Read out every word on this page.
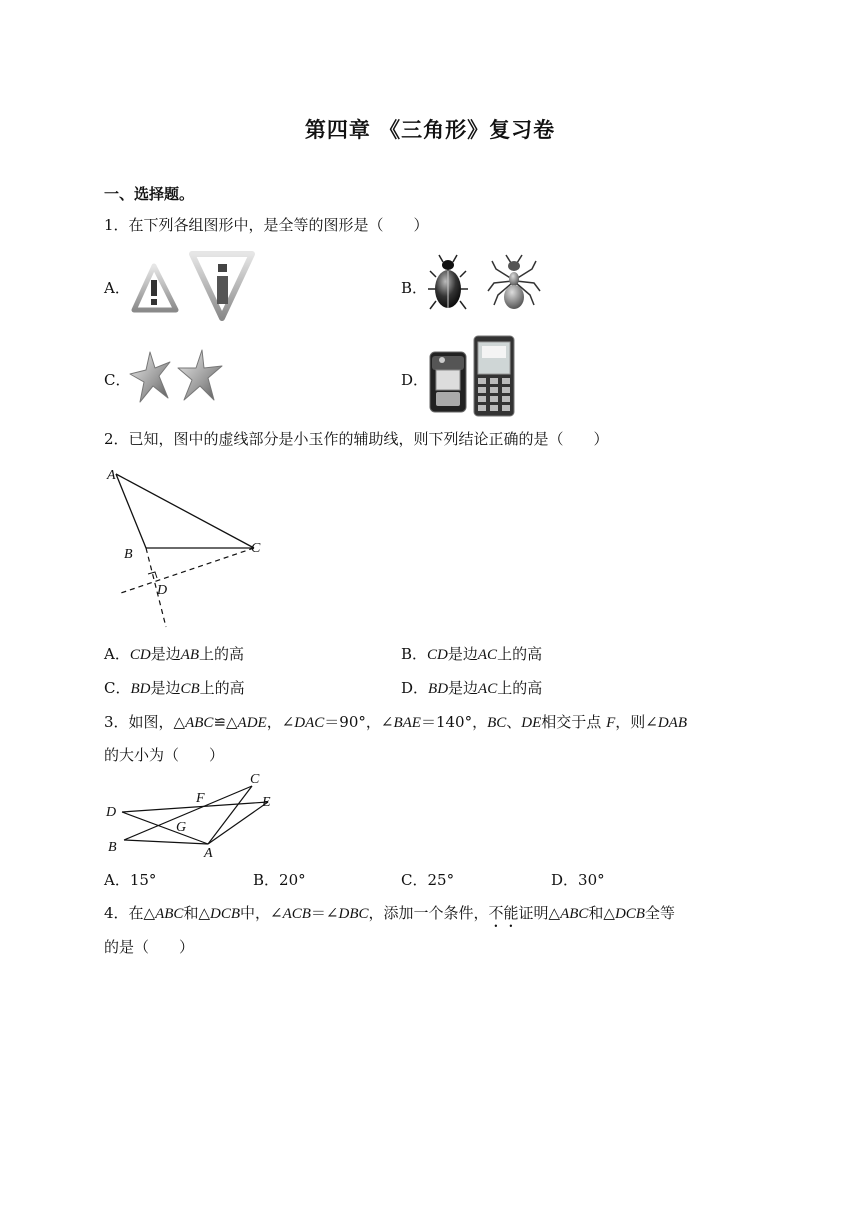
第四章 《三角形》复习卷
一、选择题。
1．在下列各组图形中，是全等的图形是（　　）
A．	B．
C．	D．
2．已知，图中的虚线部分是小玉作的辅助线，则下列结论正确的是（　　）
A
B	C
D
A．CD是边AB上的高	B．CD是边AC上的高
C．BD是边CB上的高	D．BD是边AC上的高
3．如图，△ABC≌△ADE，∠DAC＝90°，∠BAE＝140°，BC、DE相交于点 F，则∠DAB
的大小为（　　）
D
B	A
C
E
F
G
A．15°	B．20°	C．25°	D．30°
4．在△ABC和△DCB中，∠ACB＝∠DBC，添加一个条件，不能证明△ABC和△DCB全等
的是（　　）
